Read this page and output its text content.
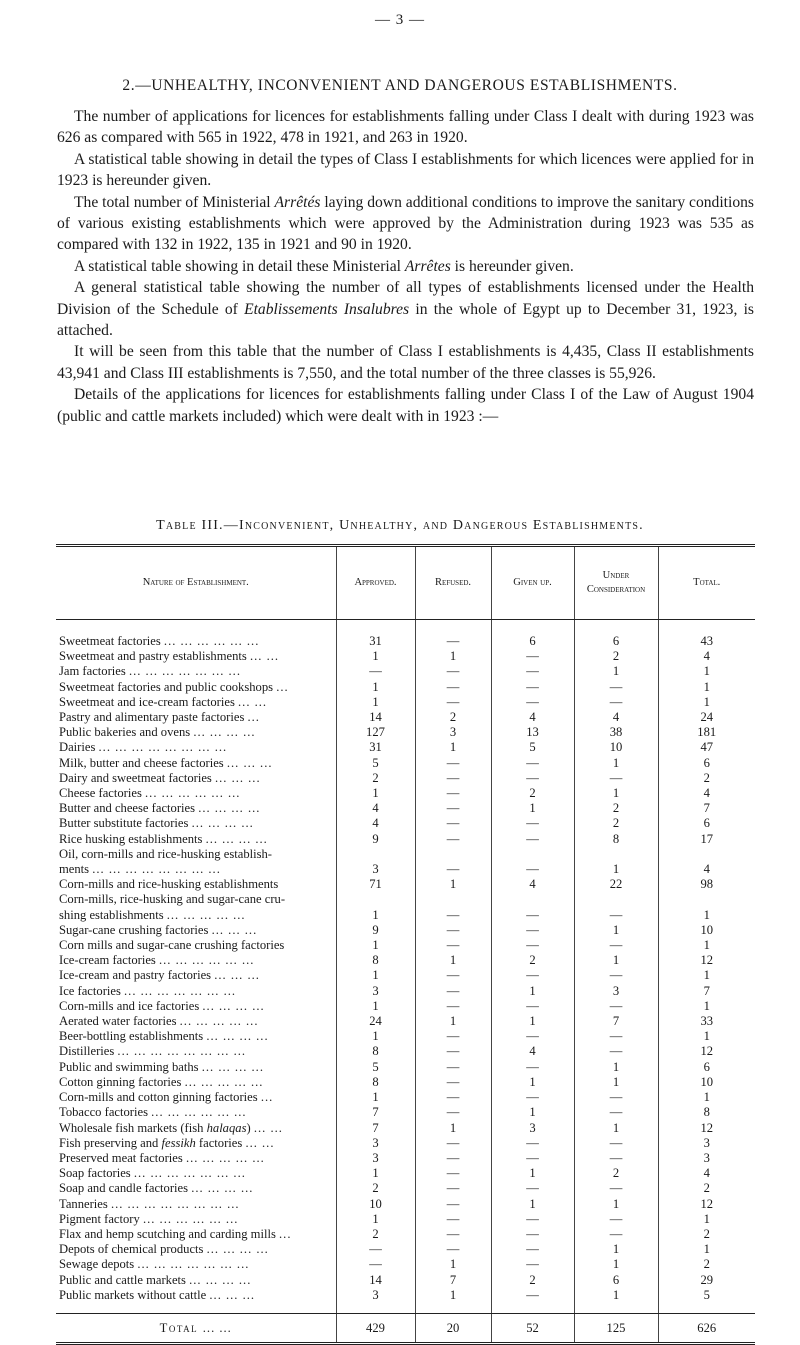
— 3 —
2.—UNHEALTHY, INCONVENIENT AND DANGEROUS ESTABLISHMENTS.

The number of applications for licences for establishments falling under Class I dealt with during 1923 was 626 as compared with 565 in 1922, 478 in 1921, and 263 in 1920.

A statistical table showing in detail the types of Class I establishments for which licences were applied for in 1923 is hereunder given.

The total number of Ministerial Arrêtés laying down additional conditions to improve the sanitary conditions of various existing establishments which were approved by the Administration during 1923 was 535 as compared with 132 in 1922, 135 in 1921 and 90 in 1920.

A statistical table showing in detail these Ministerial Arrêtes is hereunder given.

A general statistical table showing the number of all types of establishments licensed under the Health Division of the Schedule of Etablissements Insalubres in the whole of Egypt up to December 31, 1923, is attached.

It will be seen from this table that the number of Class I establishments is 4,435, Class II establishments 43,941 and Class III establishments is 7,550, and the total number of the three classes is 55,926.

Details of the applications for licences for establishments falling under Class I of the Law of August 1904 (public and cattle markets included) which were dealt with in 1923 :—

Table III.—Inconvenient, Unhealthy, and Dangerous Establishments.
Nature of Establishment.	Approved.	Refused.	Given up.	Under Consideration	Total.
Sweetmeat factories ... ... ... ... ... ...	31	—	6	6	43
Sweetmeat and pastry establishments ... ...	1	1	—	2	4
Jam factories ... ... ... ... ... ... ...	—	—	—	1	1
Sweetmeat factories and public cookshops ...	1	—	—	—	1
Sweetmeat and ice-cream factories ... ...	1	—	—	—	1
Pastry and alimentary paste factories ...	14	2	4	4	24
Public bakeries and ovens ... ... ... ...	127	3	13	38	181
Dairies ... ... ... ... ... ... ... ...	31	1	5	10	47
Milk, butter and cheese factories ... ... ...	5	—	—	1	6
Dairy and sweetmeat factories ... ... ...	2	—	—	—	2
Cheese factories ... ... ... ... ... ...	1	—	2	1	4
Butter and cheese factories ... ... ... ...	4	—	1	2	7
Butter substitute factories ... ... ... ...	4	—	—	2	6
Rice husking establishments ... ... ... ...	9	—	—	8	17
Oil, corn-mills and rice-husking establish-					
ments ... ... ... ... ... ... ... ...	3	—	—	1	4
Corn-mills and rice-husking establishments	71	1	4	22	98
Corn-mills, rice-husking and sugar-cane cru-					
shing establishments ... ... ... ... ...	1	—	—	—	1
Sugar-cane crushing factories ... ... ...	9	—	—	1	10
Corn mills and sugar-cane crushing factories	1	—	—	—	1
Ice-cream factories ... ... ... ... ... ...	8	1	2	1	12
Ice-cream and pastry factories ... ... ...	1	—	—	—	1
Ice factories ... ... ... ... ... ... ...	3	—	1	3	7
Corn-mills and ice factories ... ... ... ...	1	—	—	—	1
Aerated water factories ... ... ... ... ...	24	1	1	7	33
Beer-bottling establishments ... ... ... ...	1	—	—	—	1
Distilleries ... ... ... ... ... ... ... ...	8	—	4	—	12
Public and swimming baths ... ... ... ...	5	—	—	1	6
Cotton ginning factories ... ... ... ... ...	8	—	1	1	10
Corn-mills and cotton ginning factories ...	1	—	—	—	1
Tobacco factories ... ... ... ... ... ...	7	—	1	—	8
Wholesale fish markets (fish halaqas) ... ...	7	1	3	1	12
Fish preserving and fessikh factories ... ...	3	—	—	—	3
Preserved meat factories ... ... ... ... ...	3	—	—	—	3
Soap factories ... ... ... ... ... ... ...	1	—	1	2	4
Soap and candle factories ... ... ... ...	2	—	—	—	2
Tanneries ... ... ... ... ... ... ... ...	10	—	1	1	12
Pigment factory ... ... ... ... ... ...	1	—	—	—	1
Flax and hemp scutching and carding mills ...	2	—	—	—	2
Depots of chemical products ... ... ... ...	—	—	—	1	1
Sewage depots ... ... ... ... ... ... ...	—	1	—	1	2
Public and cattle markets ... ... ... ...	14	7	2	6	29
Public markets without cattle ... ... ...	3	1	—	1	5
Total ... ...	429	20	52	125	626
